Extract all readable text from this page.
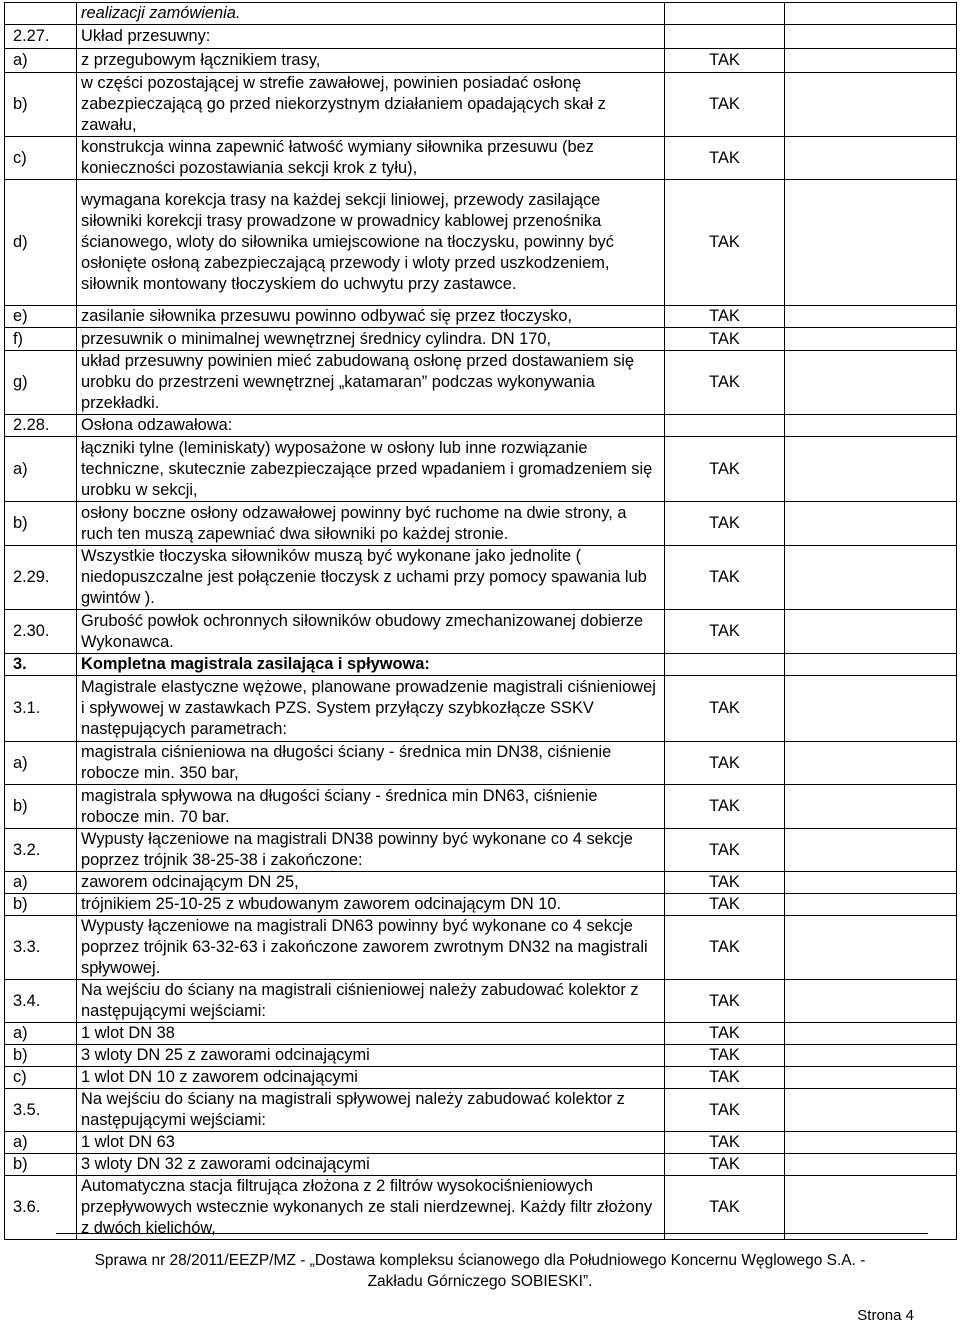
	realizacji zamówienia.		
2.27.	Układ przesuwny:		
a)	z przegubowym łącznikiem trasy,	TAK	
b)	w części pozostającej w strefie zawałowej, powinien posiadać osłonę zabezpieczającą go przed niekorzystnym działaniem opadających skał z zawału,	TAK	
c)	konstrukcja winna zapewnić łatwość wymiany siłownika przesuwu (bez konieczności pozostawiania sekcji krok z tyłu),	TAK	
d)	wymagana korekcja trasy na każdej sekcji liniowej, przewody zasilające siłowniki korekcji trasy prowadzone w prowadnicy kablowej przenośnika ścianowego, wloty do siłownika umiejscowione na tłoczysku, powinny być osłonięte osłoną zabezpieczającą przewody i wloty przed uszkodzeniem, siłownik montowany tłoczyskiem do uchwytu przy zastawce.	TAK	
e)	zasilanie siłownika przesuwu powinno odbywać się przez tłoczysko,	TAK	
f)	przesuwnik o minimalnej wewnętrznej średnicy cylindra. DN 170,	TAK	
g)	układ przesuwny powinien mieć zabudowaną osłonę przed dostawaniem się urobku do przestrzeni wewnętrznej „katamaran” podczas wykonywania przekładki.	TAK	
2.28.	Osłona odzawałowa:		
a)	łączniki tylne (leminiskaty) wyposażone w osłony lub inne rozwiązanie techniczne, skutecznie zabezpieczające przed wpadaniem i gromadzeniem się urobku w sekcji,	TAK	
b)	osłony boczne osłony odzawałowej powinny być ruchome na dwie strony, a ruch ten muszą zapewniać dwa siłowniki po każdej stronie.	TAK	
2.29.	Wszystkie tłoczyska siłowników muszą być wykonane jako jednolite ( niedopuszczalne jest połączenie tłoczysk z uchami przy pomocy spawania lub gwintów ).	TAK	
2.30.	Grubość powłok ochronnych siłowników obudowy zmechanizowanej dobierze Wykonawca.	TAK	
3.	Kompletna magistrala zasilająca i spływowa:		
3.1.	Magistrale elastyczne wężowe, planowane prowadzenie magistrali ciśnieniowej i spływowej w zastawkach PZS. System przyłączy szybkozłącze SSKV następujących parametrach:	TAK	
a)	magistrala ciśnieniowa na długości ściany - średnica min DN38, ciśnienie robocze min. 350 bar,	TAK	
b)	magistrala spływowa na długości ściany - średnica min DN63, ciśnienie robocze min. 70 bar.	TAK	
3.2.	Wypusty łączeniowe na magistrali DN38 powinny być wykonane co 4 sekcje poprzez trójnik 38-25-38 i zakończone:	TAK	
a)	zaworem odcinającym DN 25,	TAK	
b)	trójnikiem 25-10-25 z wbudowanym zaworem odcinającym DN 10.	TAK	
3.3.	Wypusty łączeniowe na magistrali DN63 powinny być wykonane co 4 sekcje poprzez trójnik 63-32-63 i zakończone zaworem zwrotnym DN32 na magistrali spływowej.	TAK	
3.4.	Na wejściu do ściany na magistrali ciśnieniowej należy zabudować kolektor z następującymi wejściami:	TAK	
a)	1 wlot DN 38	TAK	
b)	3 wloty DN 25 z zaworami odcinającymi	TAK	
c)	1 wlot DN 10 z zaworem odcinającymi	TAK	
3.5.	Na wejściu do ściany na magistrali spływowej należy zabudować kolektor z następującymi wejściami:	TAK	
a)	1 wlot DN 63	TAK	
b)	3 wloty DN 32 z zaworami odcinającymi	TAK	
3.6.	Automatyczna stacja filtrująca złożona z 2 filtrów wysokociśnieniowych przepływowych wstecznie wykonanych ze stali nierdzewnej. Każdy filtr złożony z dwóch kielichów,	TAK	
Sprawa nr 28/2011/EEZP/MZ - „Dostawa kompleksu ścianowego dla Południowego Koncernu Węglowego S.A. -
Zakładu Górniczego SOBIESKI”.
Strona 4
